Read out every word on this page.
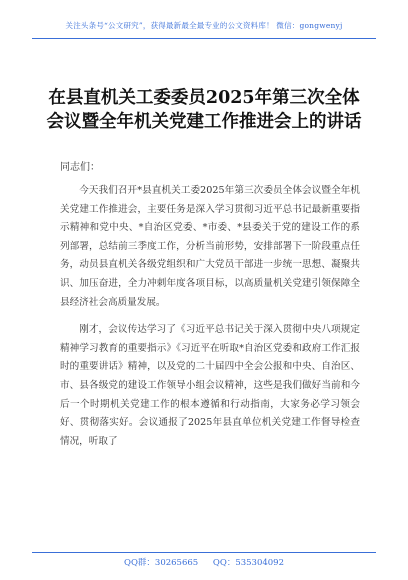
关注头条号“公文研究”，获得最新最全最专业的公文资料库！ 微信：gongwenyj
在县直机关工委委员2025年第三次全体
会议暨全年机关党建工作推进会上的讲话
同志们：

今天我们召开*县直机关工委2025年第三次委员全体会议暨全年机关党建工作推进会，主要任务是深入学习贯彻习近平总书记最新重要指示精神和党中央、*自治区党委、*市委、*县委关于党的建设工作的系列部署，总结前三季度工作，分析当前形势，安排部署下一阶段重点任务，动员县直机关各级党组织和广大党员干部进一步统一思想、凝聚共识、加压奋进，全力冲刺年度各项目标，以高质量机关党建引领保障全县经济社会高质量发展。

刚才，会议传达学习了《习近平总书记关于深入贯彻中央八项规定精神学习教育的重要指示》《习近平在听取*自治区党委和政府工作汇报时的重要讲话》精神，以及党的二十届四中全会公报和中央、自治区、市、县各级党的建设工作领导小组会议精神，这些是我们做好当前和今后一个时期机关党建工作的根本遵循和行动指南，大家务必学习领会好、贯彻落实好。会议通报了2025年县直单位机关党建工作督导检查情况，听取了

QQ群：30265665 QQ：535304092
